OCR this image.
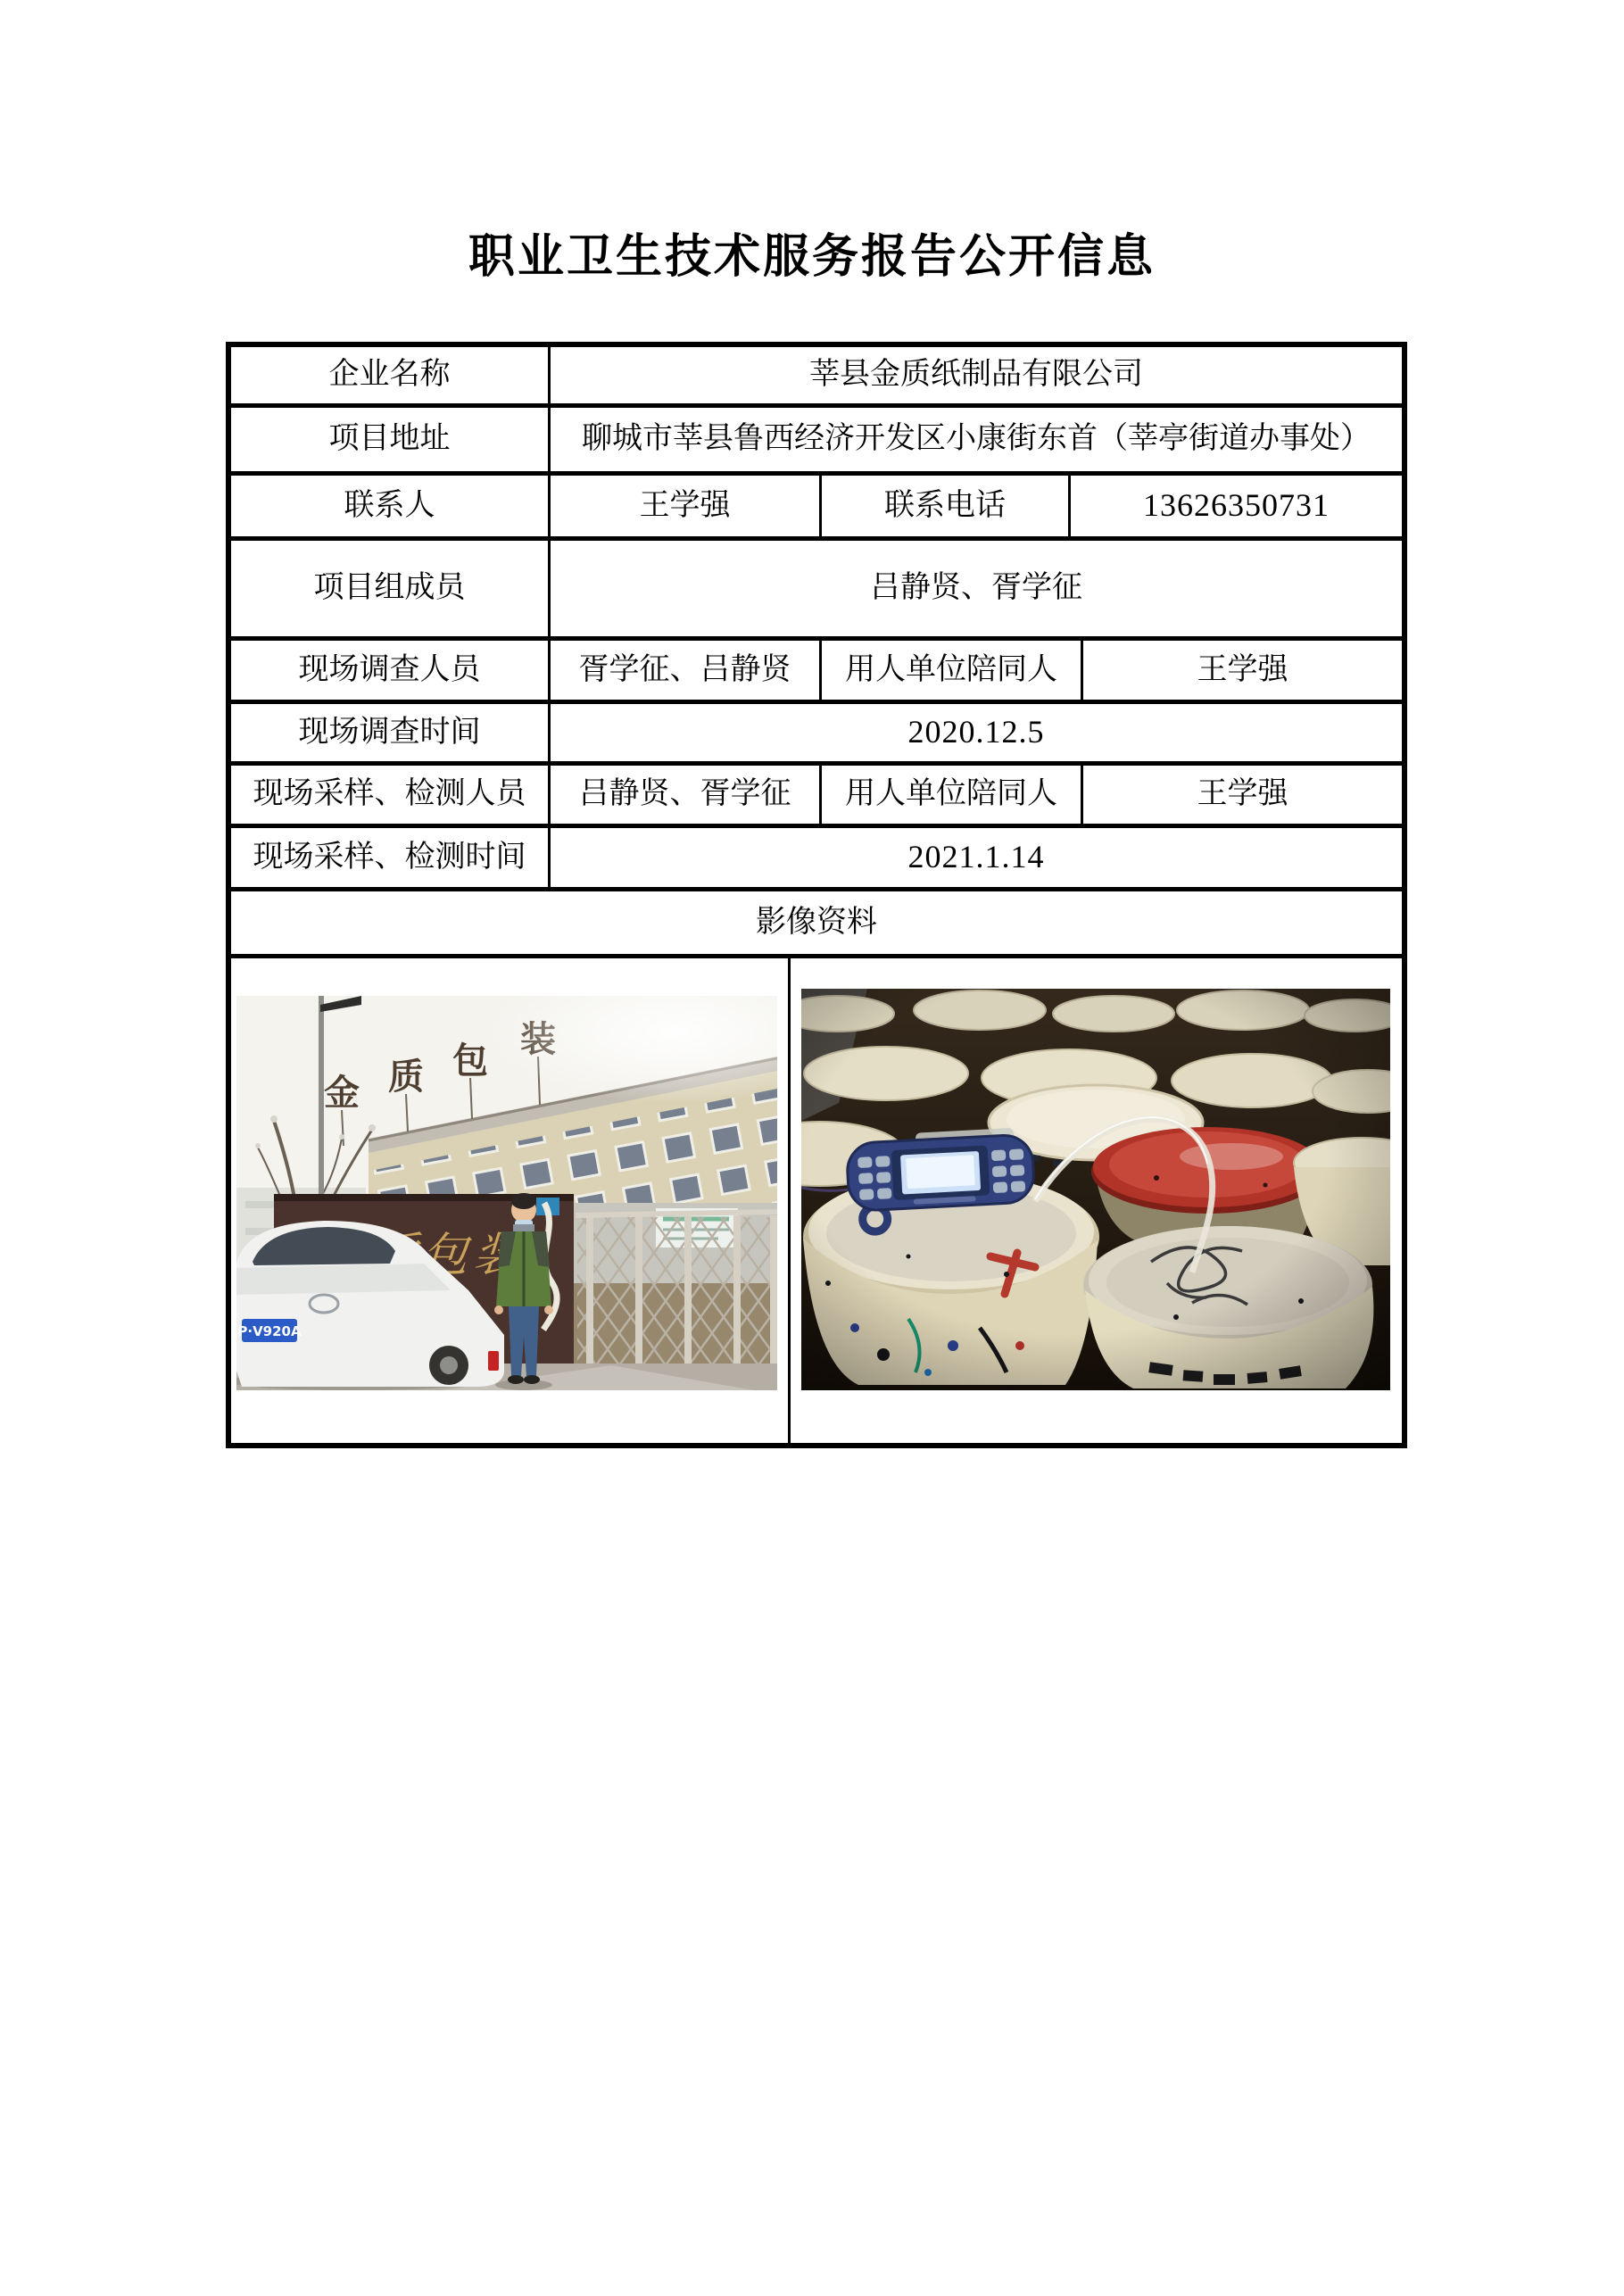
职业卫生技术服务报告公开信息
企业名称	莘县金质纸制品有限公司
项目地址	聊城市莘县鲁西经济开发区小康街东首（莘亭街道办事处）
联系人	王学强	联系电话	13626350731
项目组成员	吕静贤、胥学征
现场调查人员	胥学征、吕静贤	用人单位陪同人	王学强
现场调查时间	2020.12.5
现场采样、检测人员	吕静贤、胥学征	用人单位陪同人	王学强
现场采样、检测时间	2021.1.14
影像资料
金 质 包
P·V920A
